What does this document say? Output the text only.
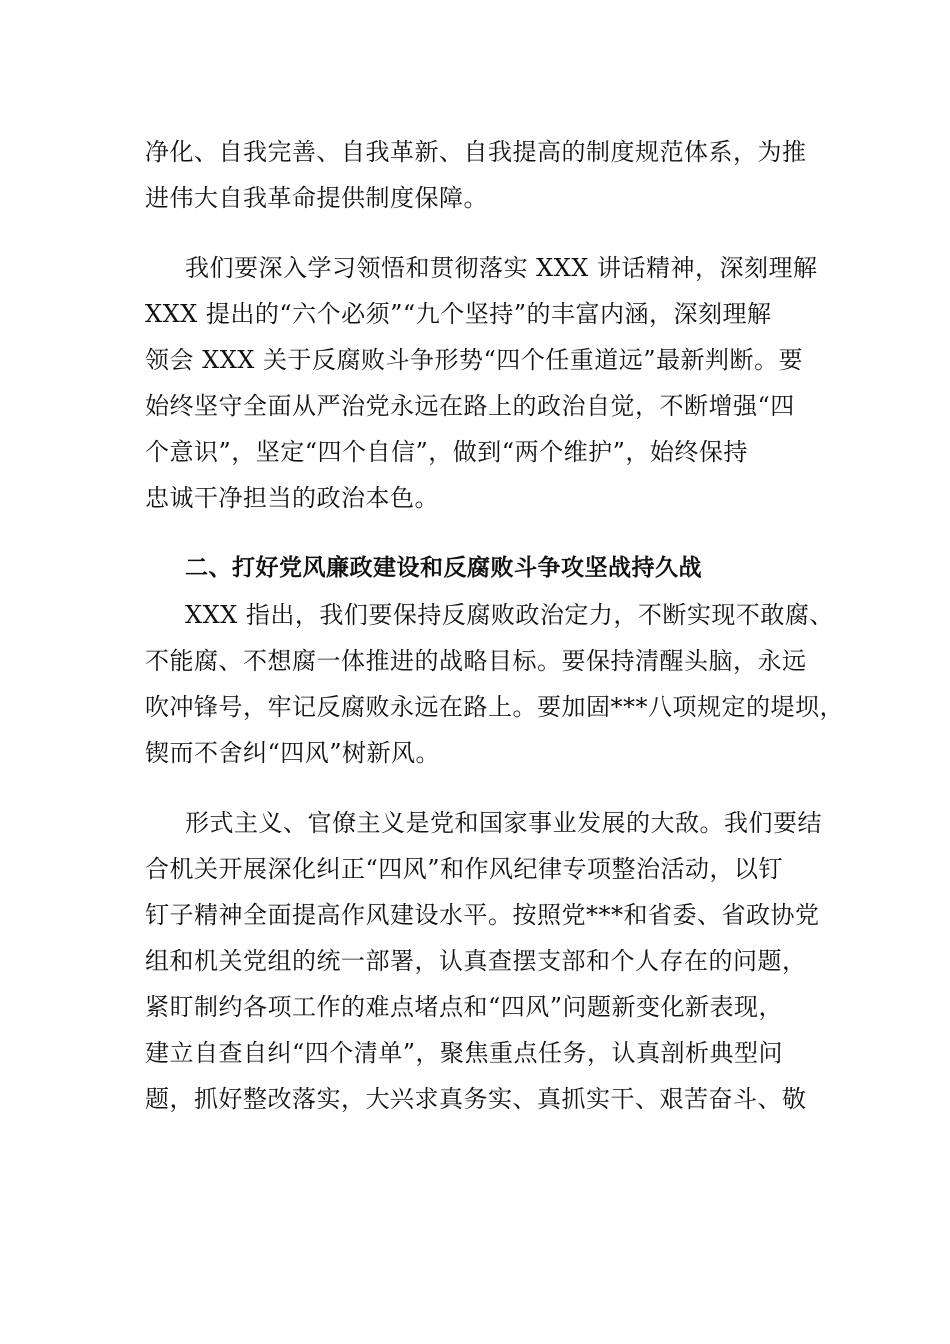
净化、自我完善、自我革新、自我提高的制度规范体系，为推
进伟大自我革命提供制度保障。
我们要深入学习领悟和贯彻落实 XXX 讲话精神，深刻理解
XXX 提出的“六个必须”“九个坚持”的丰富内涵，深刻理解
领会 XXX 关于反腐败斗争形势“四个任重道远”最新判断。要
始终坚守全面从严治党永远在路上的政治自觉，不断增强“四
个意识”，坚定“四个自信”，做到“两个维护”，始终保持
忠诚干净担当的政治本色。
二、打好党风廉政建设和反腐败斗争攻坚战持久战
XXX 指出，我们要保持反腐败政治定力，不断实现不敢腐、
不能腐、不想腐一体推进的战略目标。要保持清醒头脑，永远
吹冲锋号，牢记反腐败永远在路上。要加固***八项规定的堤坝，
锲而不舍纠“四风”树新风。
形式主义、官僚主义是党和国家事业发展的大敌。我们要结
合机关开展深化纠正“四风”和作风纪律专项整治活动，以钉
钉子精神全面提高作风建设水平。按照党***和省委、省政协党
组和机关党组的统一部署，认真查摆支部和个人存在的问题，
紧盯制约各项工作的难点堵点和“四风”问题新变化新表现，
建立自查自纠“四个清单”，聚焦重点任务，认真剖析典型问
题，抓好整改落实，大兴求真务实、真抓实干、艰苦奋斗、敬
